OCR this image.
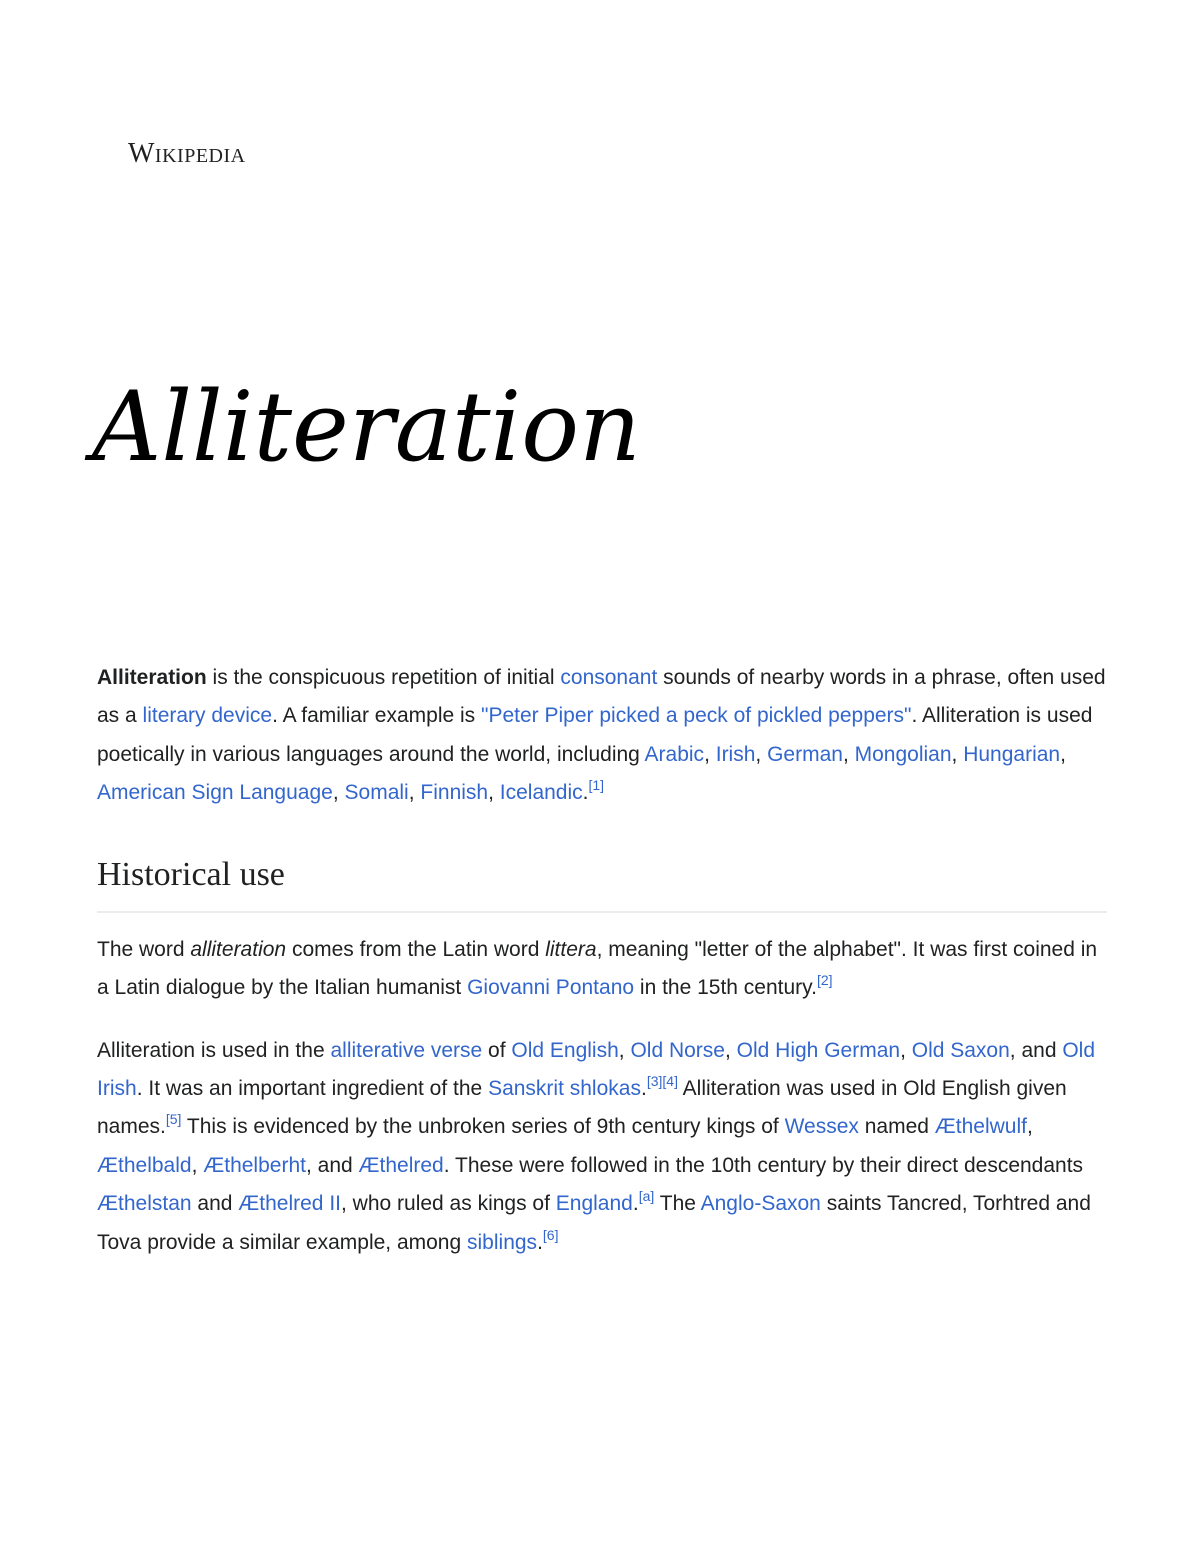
Wikipedia
Alliteration

Alliteration is the conspicuous repetition of initial consonant sounds of nearby words in a phrase, often used as a literary device. A familiar example is "Peter Piper picked a peck of pickled peppers". Alliteration is used poetically in various languages around the world, including Arabic, Irish, German, Mongolian, Hungarian, American Sign Language, Somali, Finnish, Icelandic.[1]

Historical use

The word alliteration comes from the Latin word littera, meaning "letter of the alphabet". It was first coined in a Latin dialogue by the Italian humanist Giovanni Pontano in the 15th century.[2]

Alliteration is used in the alliterative verse of Old English, Old Norse, Old High German, Old Saxon, and Old Irish. It was an important ingredient of the Sanskrit shlokas.[3][4] Alliteration was used in Old English given names.[5] This is evidenced by the unbroken series of 9th century kings of Wessex named Æthelwulf, Æthelbald, Æthelberht, and Æthelred. These were followed in the 10th century by their direct descendants Æthelstan and Æthelred II, who ruled as kings of England.[a] The Anglo-Saxon saints Tancred, Torhtred and Tova provide a similar example, among siblings.[6]
